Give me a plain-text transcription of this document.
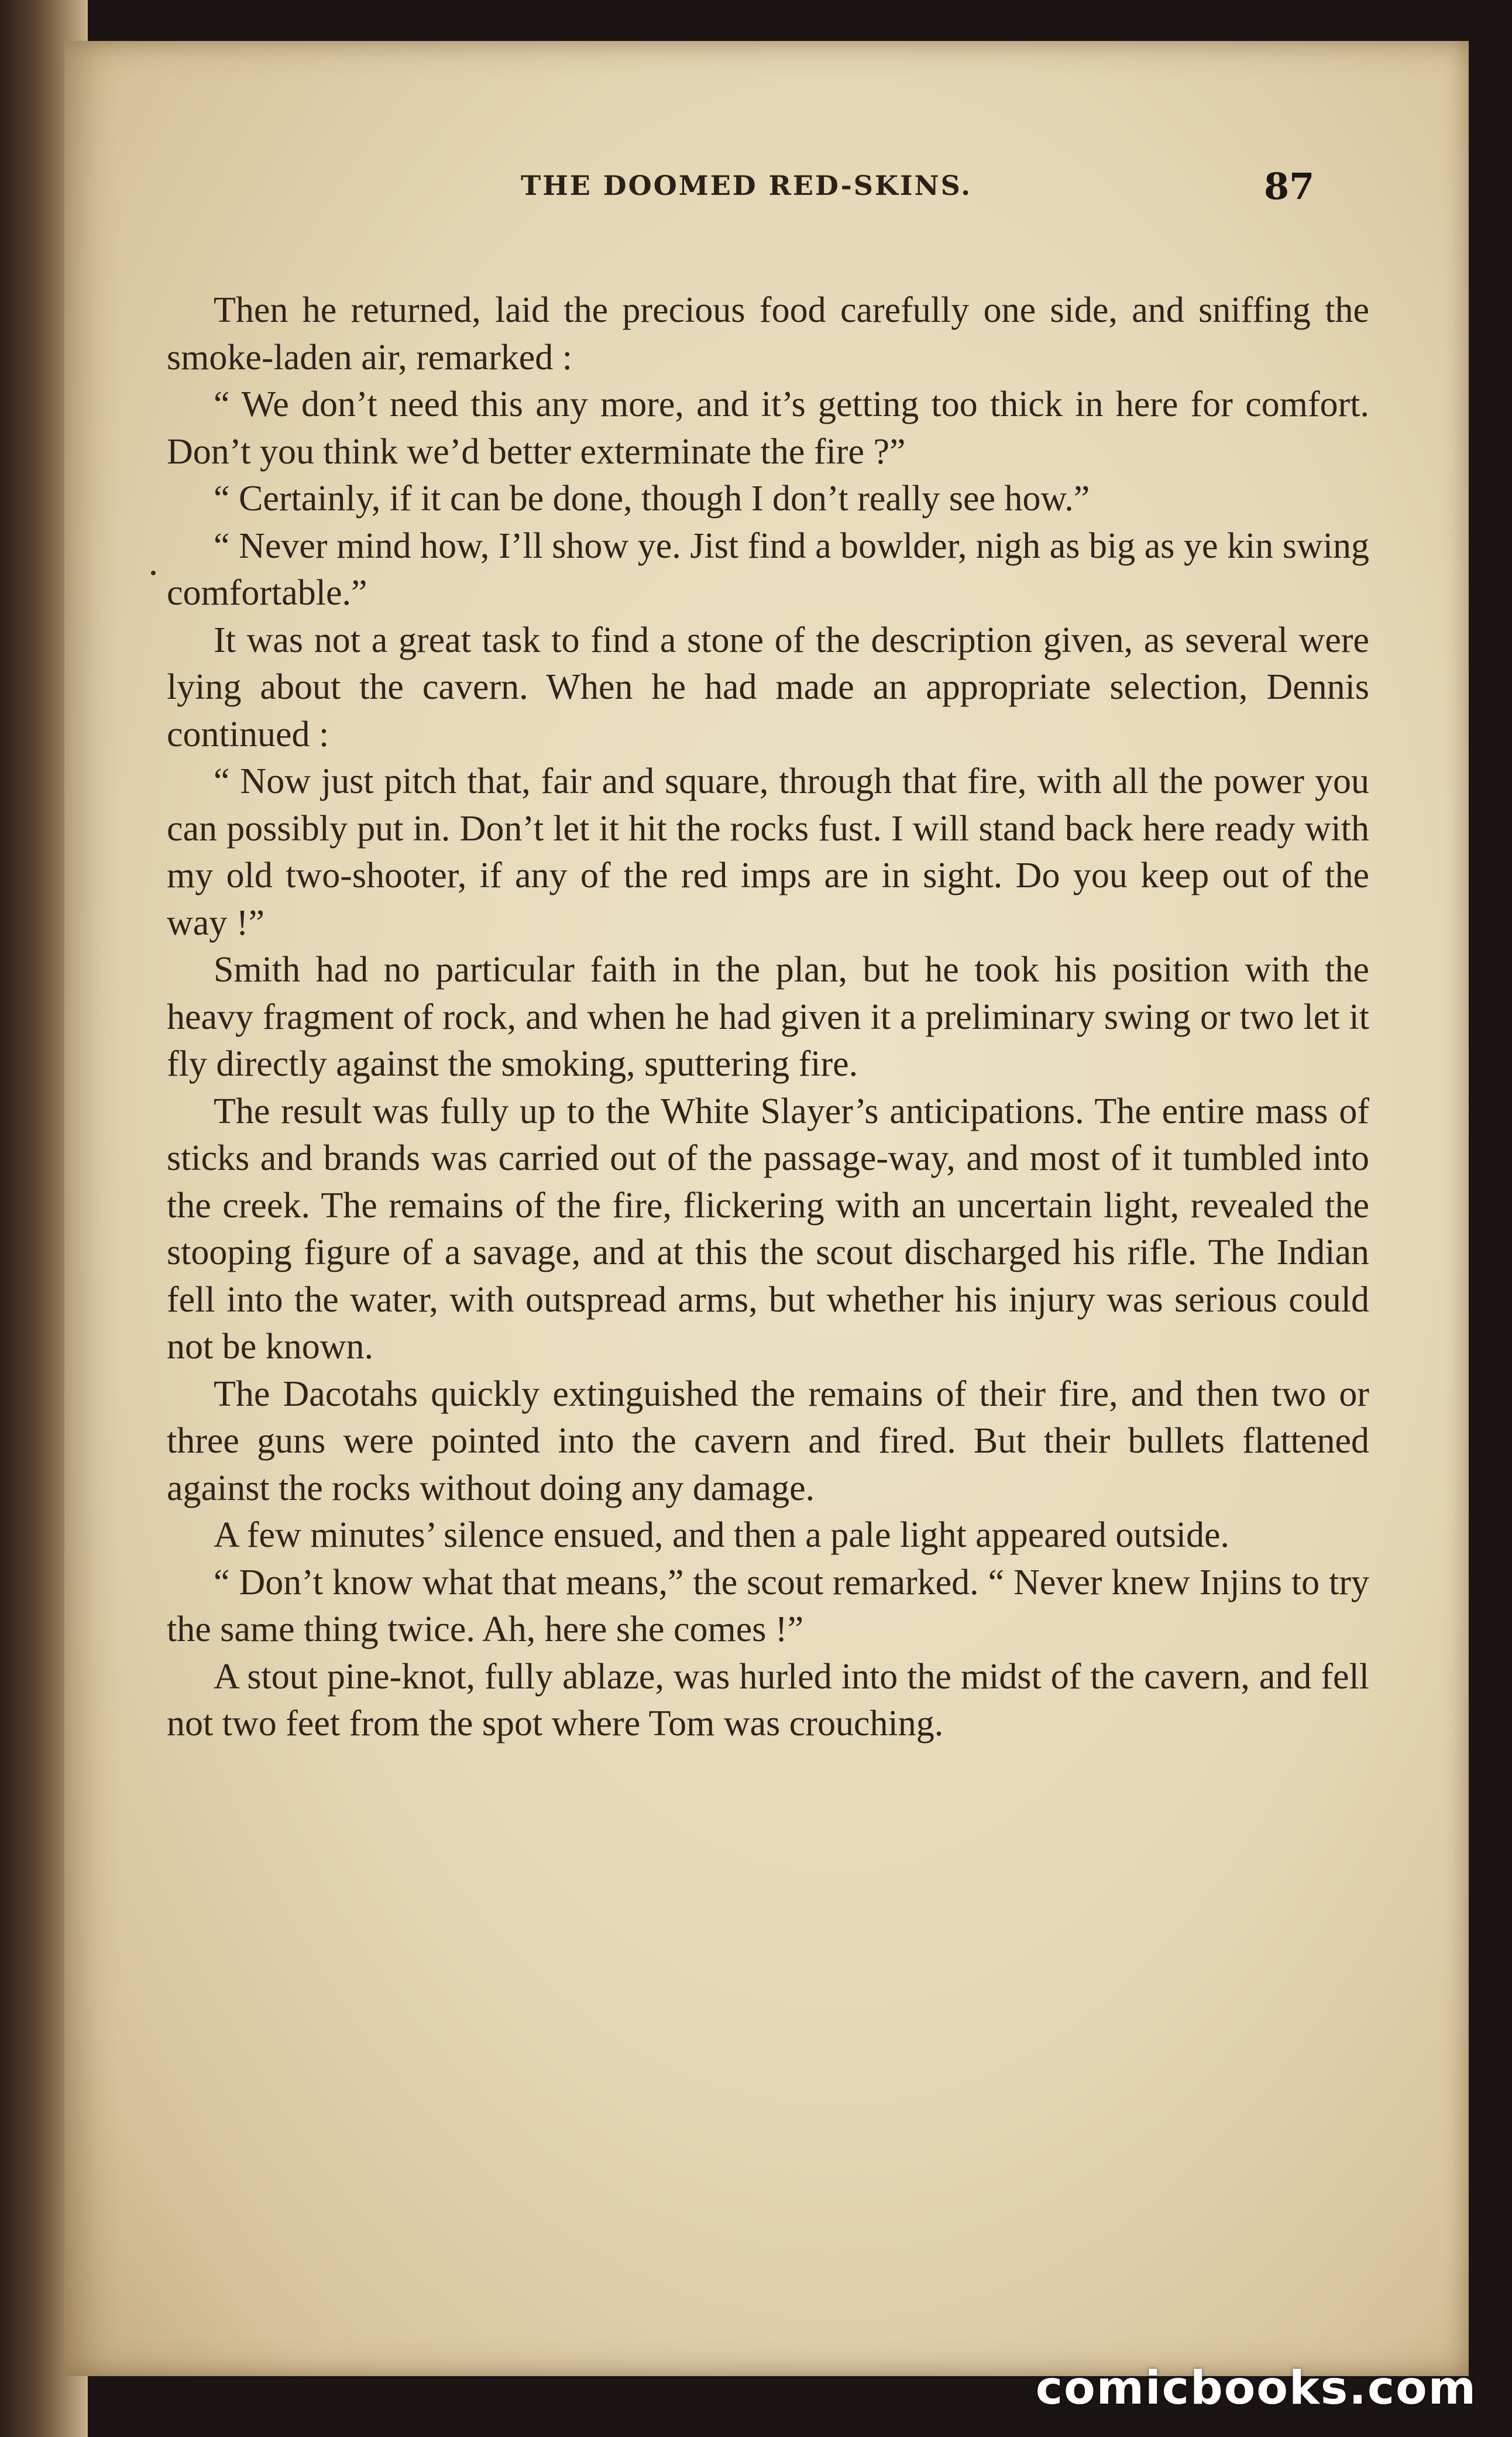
THE DOOMED RED-SKINS.	87

Then he returned, laid the precious food carefully one side, and sniffing the smoke-laden air, remarked :

“ We don’t need this any more, and it’s getting too thick in here for comfort. Don’t you think we’d better exterminate the fire ?”

“ Certainly, if it can be done, though I don’t really see how.”

“ Never mind how, I’ll show ye. Jist find a bowlder, nigh as big as ye kin swing comfortable.”

It was not a great task to find a stone of the description given, as several were lying about the cavern. When he had made an appropriate selection, Dennis continued :

“ Now just pitch that, fair and square, through that fire, with all the power you can possibly put in. Don’t let it hit the rocks fust. I will stand back here ready with my old two-shooter, if any of the red imps are in sight. Do you keep out of the way !”

Smith had no particular faith in the plan, but he took his position with the heavy fragment of rock, and when he had given it a preliminary swing or two let it fly directly against the smoking, sputtering fire.

The result was fully up to the White Slayer’s anticipations. The entire mass of sticks and brands was carried out of the passage-way, and most of it tumbled into the creek. The remains of the fire, flickering with an uncertain light, revealed the stooping figure of a savage, and at this the scout discharged his rifle. The Indian fell into the water, with outspread arms, but whether his injury was serious could not be known.

The Dacotahs quickly extinguished the remains of their fire, and then two or three guns were pointed into the cavern and fired. But their bullets flattened against the rocks without doing any damage.

A few minutes’ silence ensued, and then a pale light appeared outside.

“ Don’t know what that means,” the scout remarked. “ Never knew Injins to try the same thing twice. Ah, here she comes !”

A stout pine-knot, fully ablaze, was hurled into the midst of the cavern, and fell not two feet from the spot where Tom was crouching.

comicbooks.com
